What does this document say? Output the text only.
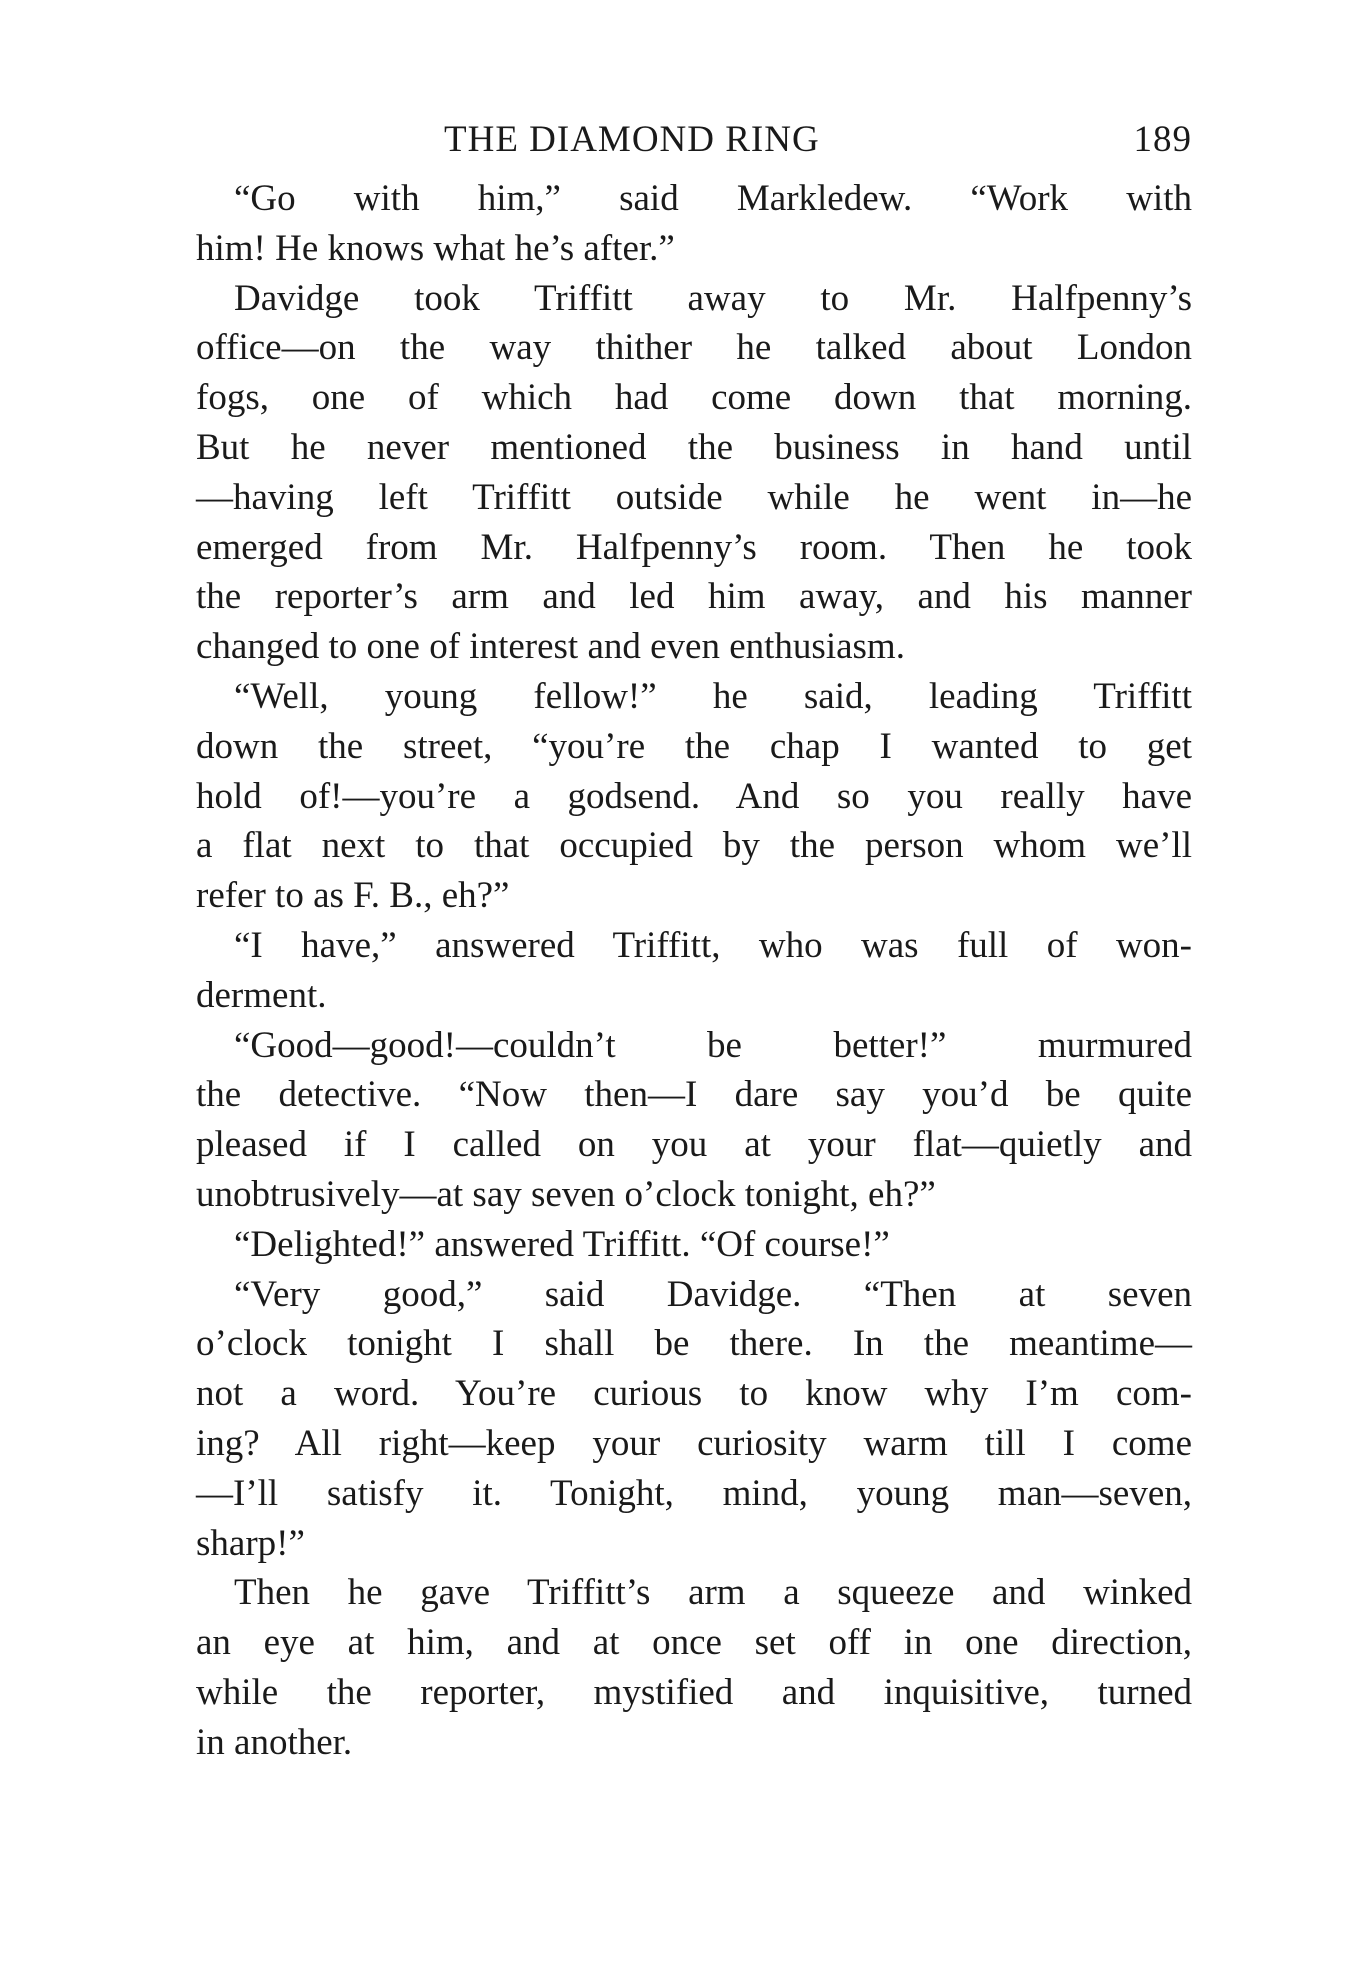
THE DIAMOND RING	189
“Go with him,” said Markledew. “Work with
him! He knows what he’s after.”
Davidge took Triffitt away to Mr. Halfpenny’s
office—on the way thither he talked about London
fogs, one of which had come down that morning.
But he never mentioned the business in hand until
—having left Triffitt outside while he went in—he
emerged from Mr. Halfpenny’s room. Then he took
the reporter’s arm and led him away, and his manner
changed to one of interest and even enthusiasm.
“Well, young fellow!” he said, leading Triffitt
down the street, “you’re the chap I wanted to get
hold of!—you’re a godsend. And so you really have
a flat next to that occupied by the person whom we’ll
refer to as F. B., eh?”
“I have,” answered Triffitt, who was full of won-
derment.
“Good—good!—couldn’t be better!” murmured
the detective. “Now then—I dare say you’d be quite
pleased if I called on you at your flat—quietly and
unobtrusively—at say seven o’clock tonight, eh?”
“Delighted!” answered Triffitt. “Of course!”
“Very good,” said Davidge. “Then at seven
o’clock tonight I shall be there. In the meantime—
not a word. You’re curious to know why I’m com-
ing? All right—keep your curiosity warm till I come
—I’ll satisfy it. Tonight, mind, young man—seven,
sharp!”
Then he gave Triffitt’s arm a squeeze and winked
an eye at him, and at once set off in one direction,
while the reporter, mystified and inquisitive, turned
in another.
